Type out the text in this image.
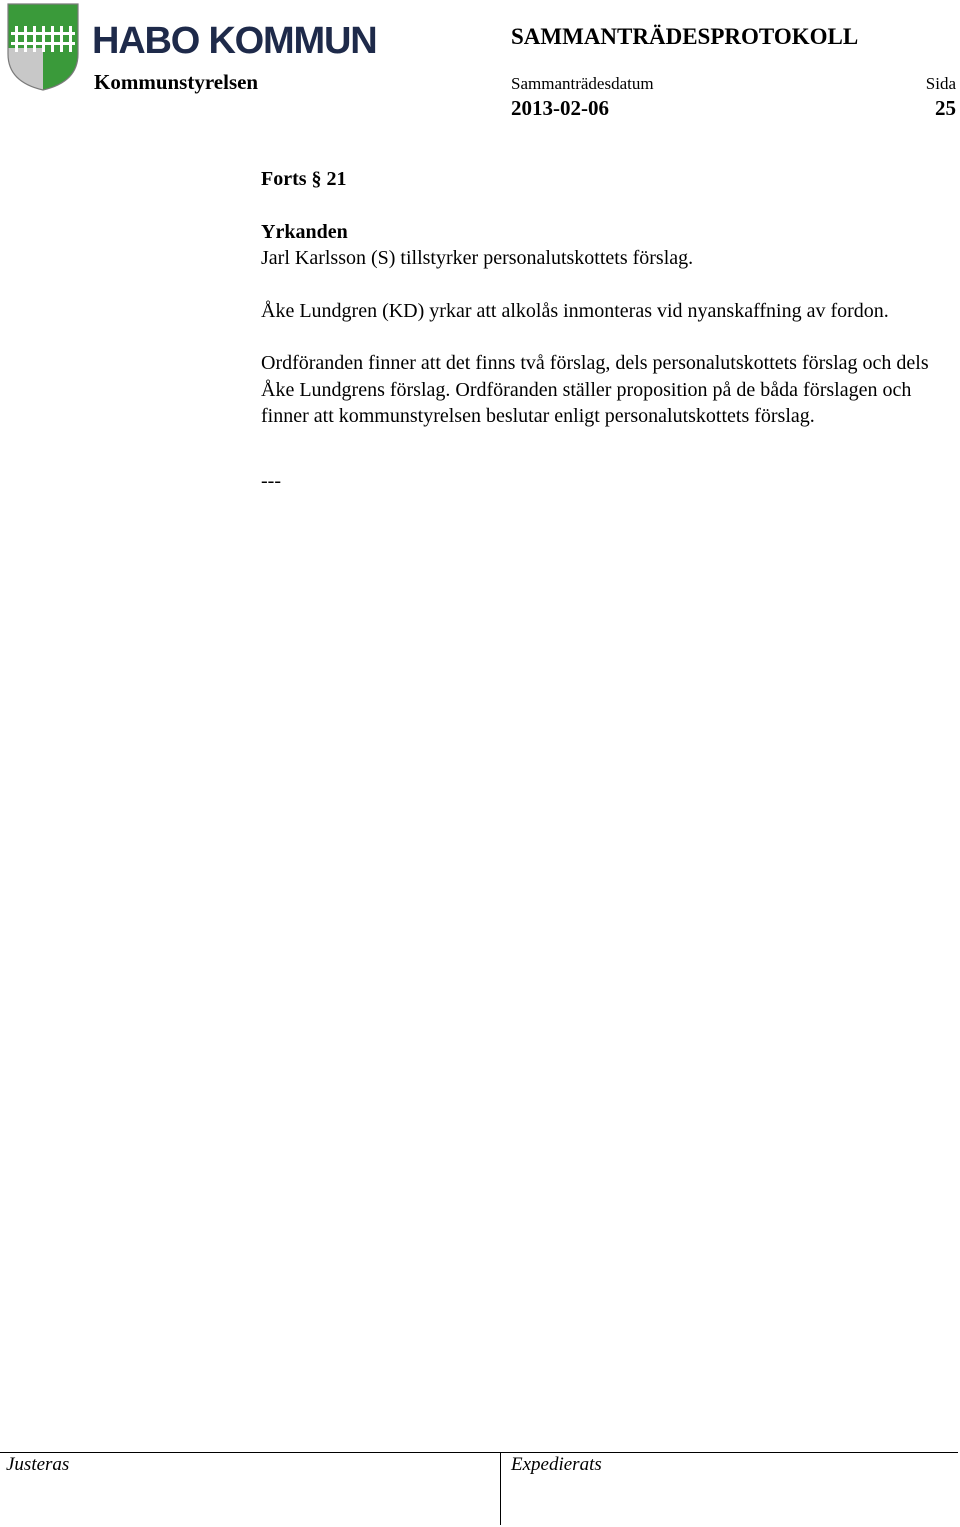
HABO KOMMUN
Kommunstyrelsen
SAMMANTRÄDESPROTOKOLL
Sammanträdesdatum
2013-02-06
Sida
25

Forts § 21

Yrkanden

Jarl Karlsson (S) tillstyrker personalutskottets förslag.

Åke Lundgren (KD) yrkar att alkolås inmonteras vid nyanskaffning av fordon.

Ordföranden finner att det finns två förslag, dels personalutskottets förslag och dels Åke Lundgrens förslag. Ordföranden ställer proposition på de båda förslagen och finner att kommunstyrelsen beslutar enligt personalutskottets förslag.

---

Justeras	Expedierats
